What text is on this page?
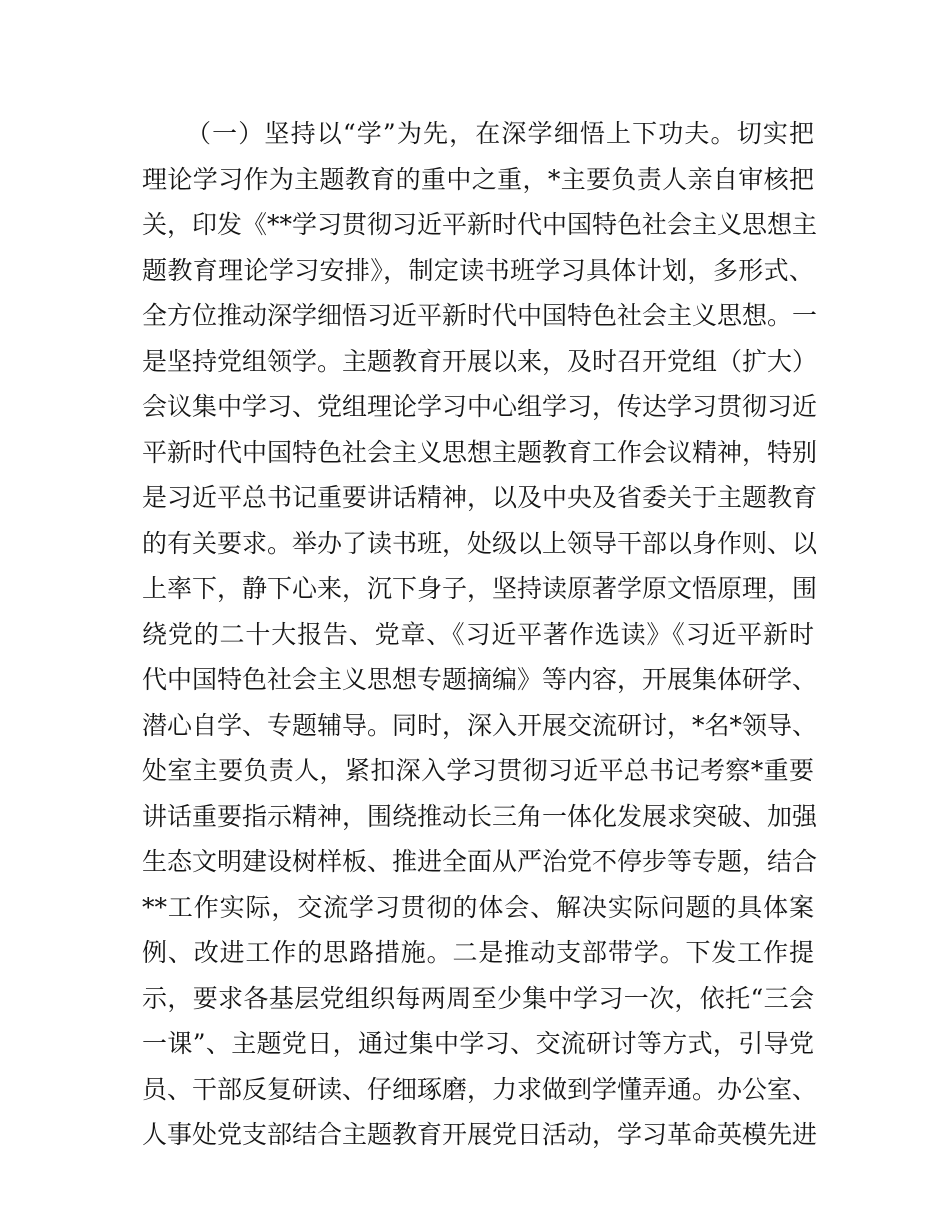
（一）坚持以“学”为先，在深学细悟上下功夫。切实把
理论学习作为主题教育的重中之重，*主要负责人亲自审核把
关，印发《**学习贯彻习近平新时代中国特色社会主义思想主
题教育理论学习安排》，制定读书班学习具体计划，多形式、
全方位推动深学细悟习近平新时代中国特色社会主义思想。一
是坚持党组领学。主题教育开展以来，及时召开党组（扩大）
会议集中学习、党组理论学习中心组学习，传达学习贯彻习近
平新时代中国特色社会主义思想主题教育工作会议精神，特别
是习近平总书记重要讲话精神，以及中央及省委关于主题教育
的有关要求。举办了读书班，处级以上领导干部以身作则、以
上率下，静下心来，沉下身子，坚持读原著学原文悟原理，围
绕党的二十大报告、党章、《习近平著作选读》《习近平新时
代中国特色社会主义思想专题摘编》等内容，开展集体研学、
潜心自学、专题辅导。同时，深入开展交流研讨，*名*领导、
处室主要负责人，紧扣深入学习贯彻习近平总书记考察*重要
讲话重要指示精神，围绕推动长三角一体化发展求突破、加强
生态文明建设树样板、推进全面从严治党不停步等专题，结合
**工作实际，交流学习贯彻的体会、解决实际问题的具体案
例、改进工作的思路措施。二是推动支部带学。下发工作提
示，要求各基层党组织每两周至少集中学习一次，依托“三会
一课”、主题党日，通过集中学习、交流研讨等方式，引导党
员、干部反复研读、仔细琢磨，力求做到学懂弄通。办公室、
人事处党支部结合主题教育开展党日活动，学习革命英模先进
